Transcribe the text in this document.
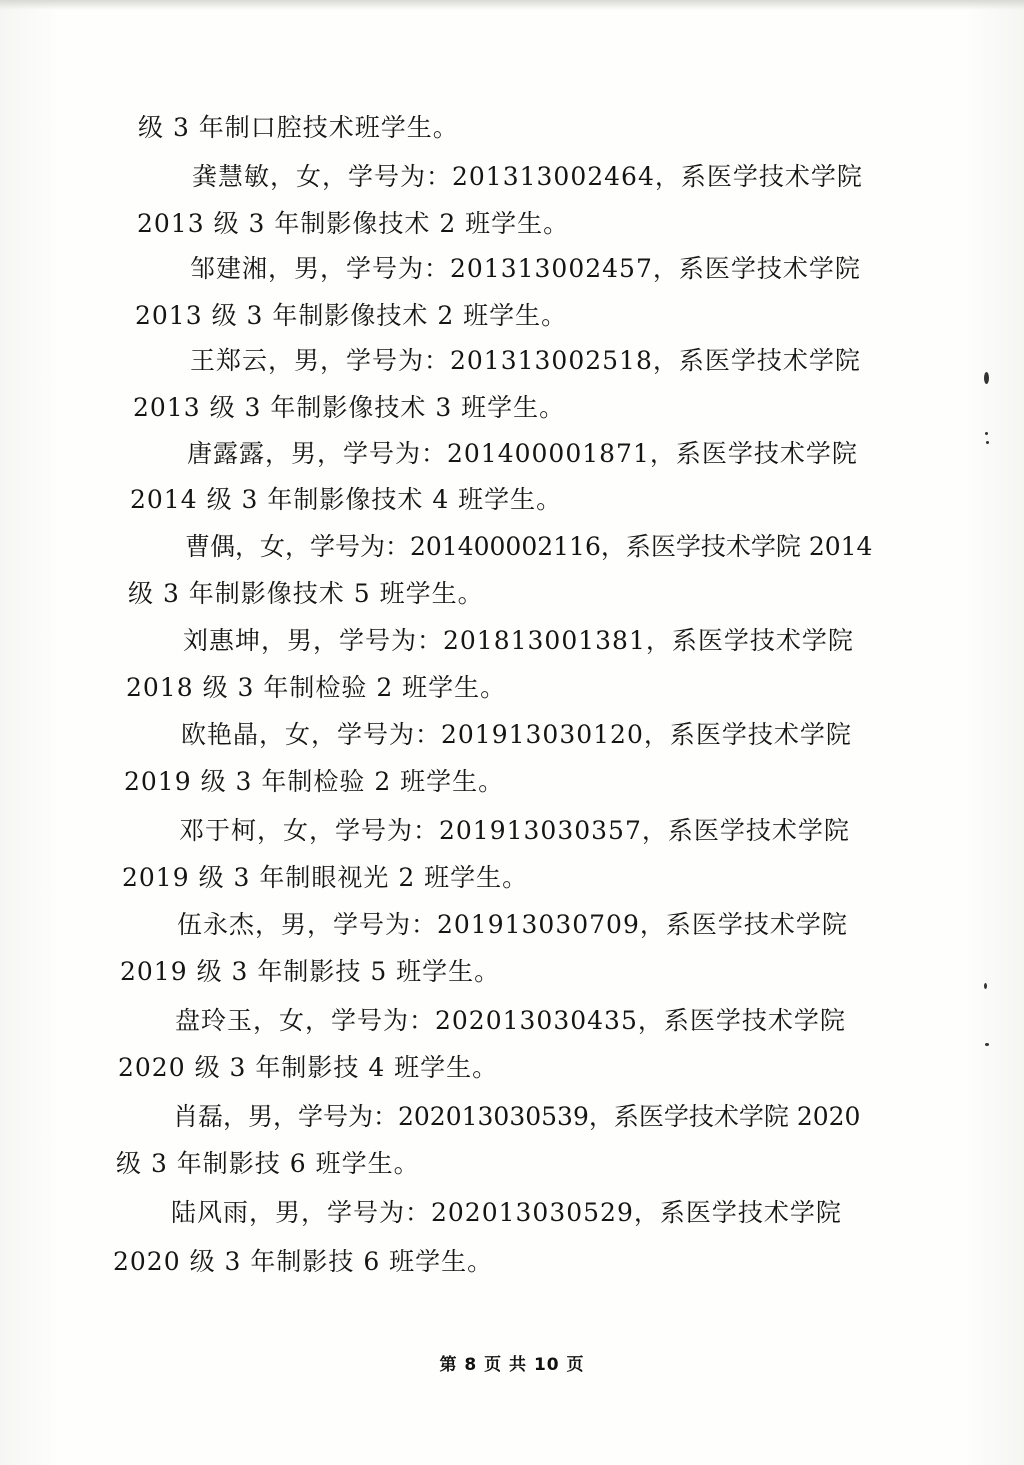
级 3 年制口腔技术班学生。
龚慧敏，女，学号为：201313002464，系医学技术学院
2013 级 3 年制影像技术 2 班学生。
邹建湘，男，学号为：201313002457，系医学技术学院
2013 级 3 年制影像技术 2 班学生。
王郑云，男，学号为：201313002518，系医学技术学院
2013 级 3 年制影像技术 3 班学生。
唐露露，男，学号为：201400001871，系医学技术学院
2014 级 3 年制影像技术 4 班学生。
曹偶，女，学号为：201400002116，系医学技术学院 2014
级 3 年制影像技术 5 班学生。
刘惠坤，男，学号为：201813001381，系医学技术学院
2018 级 3 年制检验 2 班学生。
欧艳晶，女，学号为：201913030120，系医学技术学院
2019 级 3 年制检验 2 班学生。
邓于柯，女，学号为：201913030357，系医学技术学院
2019 级 3 年制眼视光 2 班学生。
伍永杰，男，学号为：201913030709，系医学技术学院
2019 级 3 年制影技 5 班学生。
盘玲玉，女，学号为：202013030435，系医学技术学院
2020 级 3 年制影技 4 班学生。
肖磊，男，学号为：202013030539，系医学技术学院 2020
级 3 年制影技 6 班学生。
陆风雨，男，学号为：202013030529，系医学技术学院
2020 级 3 年制影技 6 班学生。
第 8 页 共 10 页
